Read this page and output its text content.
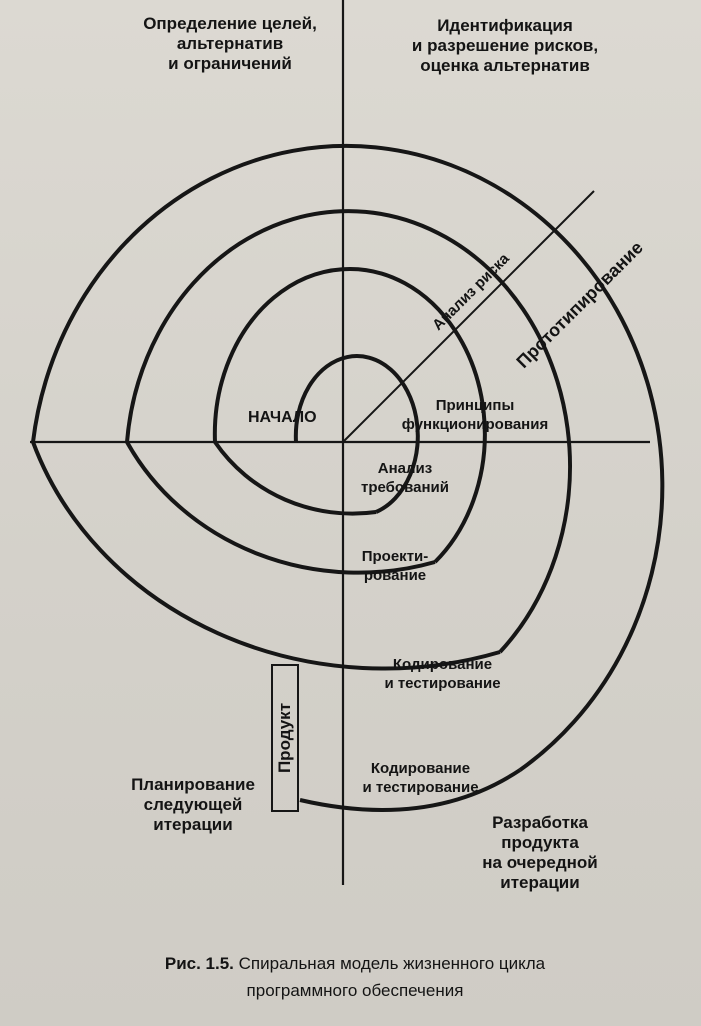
Продукт

Определение целей,
альтернатив
и ограничений
Идентификация
и разрешение рисков,
оценка альтернатив
Планирование
следующей
итерации	Разработка
продукта
на очередной
итерации

НАЧАЛО

Принципы
функционирования
Анализ
требований
Проекти-
рование
Кодирование
и тестирование
Кодирование
и тестирование

Анализ риска Прототипирование

Рис. 1.5. Спиральная модель жизненного цикла
программного обеспечения
